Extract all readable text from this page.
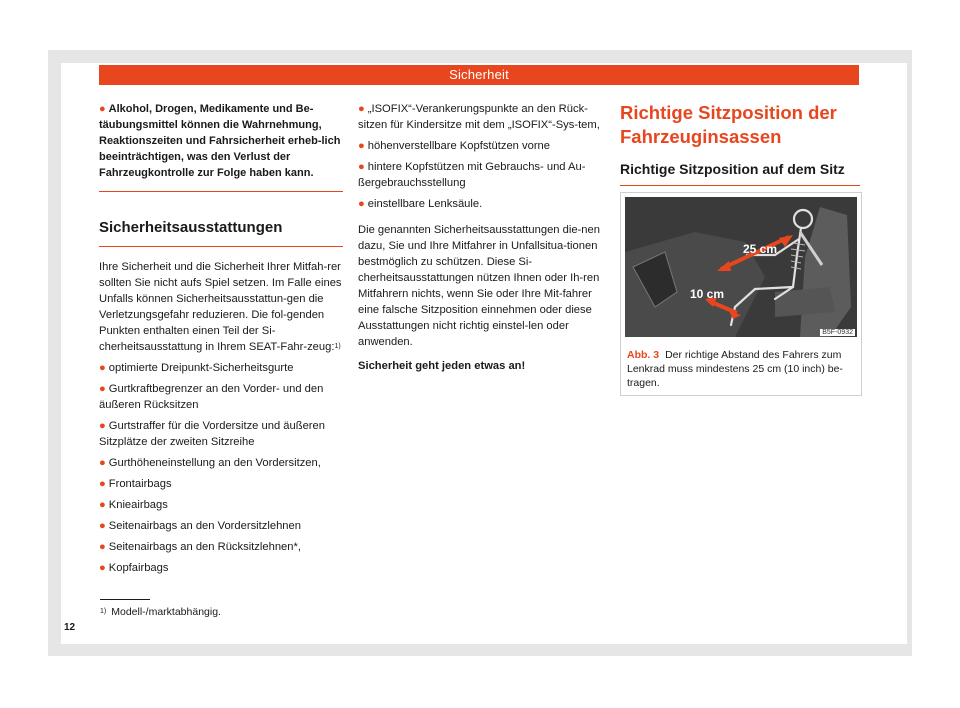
Sicherheit
● Alkohol, Drogen, Medikamente und Be-täubungsmittel können die Wahrnehmung, Reaktionszeiten und Fahrsicherheit erheb-lich beeinträchtigen, was den Verlust der Fahrzeugkontrolle zur Folge haben kann.
Sicherheitsausstattungen

Ihre Sicherheit und die Sicherheit Ihrer Mitfah-rer sollten Sie nicht aufs Spiel setzen. Im Falle eines Unfalls können Sicherheitsausstattun-gen die Verletzungsgefahr reduzieren. Die fol-genden Punkten enthalten einen Teil der Si-cherheitsausstattung in Ihrem SEAT-Fahr-zeug:$^{1)}$

● optimierte Dreipunkt-Sicherheitsgurte

● Gurtkraftbegrenzer an den Vorder- und den äußeren Rücksitzen

● Gurtstraffer für die Vordersitze und äußeren Sitzplätze der zweiten Sitzreihe

● Gurthöheneinstellung an den Vordersitzen,

● Frontairbags

● Knieairbags

● Seitenairbags an den Vordersitzlehnen

● Seitenairbags an den Rücksitzlehnen*,

● Kopfairbags

● „ISOFIX“-Verankerungspunkte an den Rück-sitzen für Kindersitze mit dem „ISOFIX“-Sys-tem,

● höhenverstellbare Kopfstützen vorne

● hintere Kopfstützen mit Gebrauchs- und Au-ßergebrauchsstellung

● einstellbare Lenksäule.

Die genannten Sicherheitsausstattungen die-nen dazu, Sie und Ihre Mitfahrer in Unfallsitua-tionen bestmöglich zu schützen. Diese Si-cherheitsausstattungen nützen Ihnen oder Ih-ren Mitfahrern nichts, wenn Sie oder Ihre Mit-fahrer eine falsche Sitzposition einnehmen oder diese Ausstattungen nicht richtig einstel-len oder anwenden.

Sicherheit geht jeden etwas an!

Richtige Sitzposition der Fahrzeuginsassen
Richtige Sitzposition auf dem Sitz
25 cm
10 cm
B5F-0932
Abb. 3 Der richtige Abstand des Fahrers zum Lenkrad muss mindestens 25 cm (10 inch) be-tragen.
$^{1)}$ Modell-/marktabhängig.
12
